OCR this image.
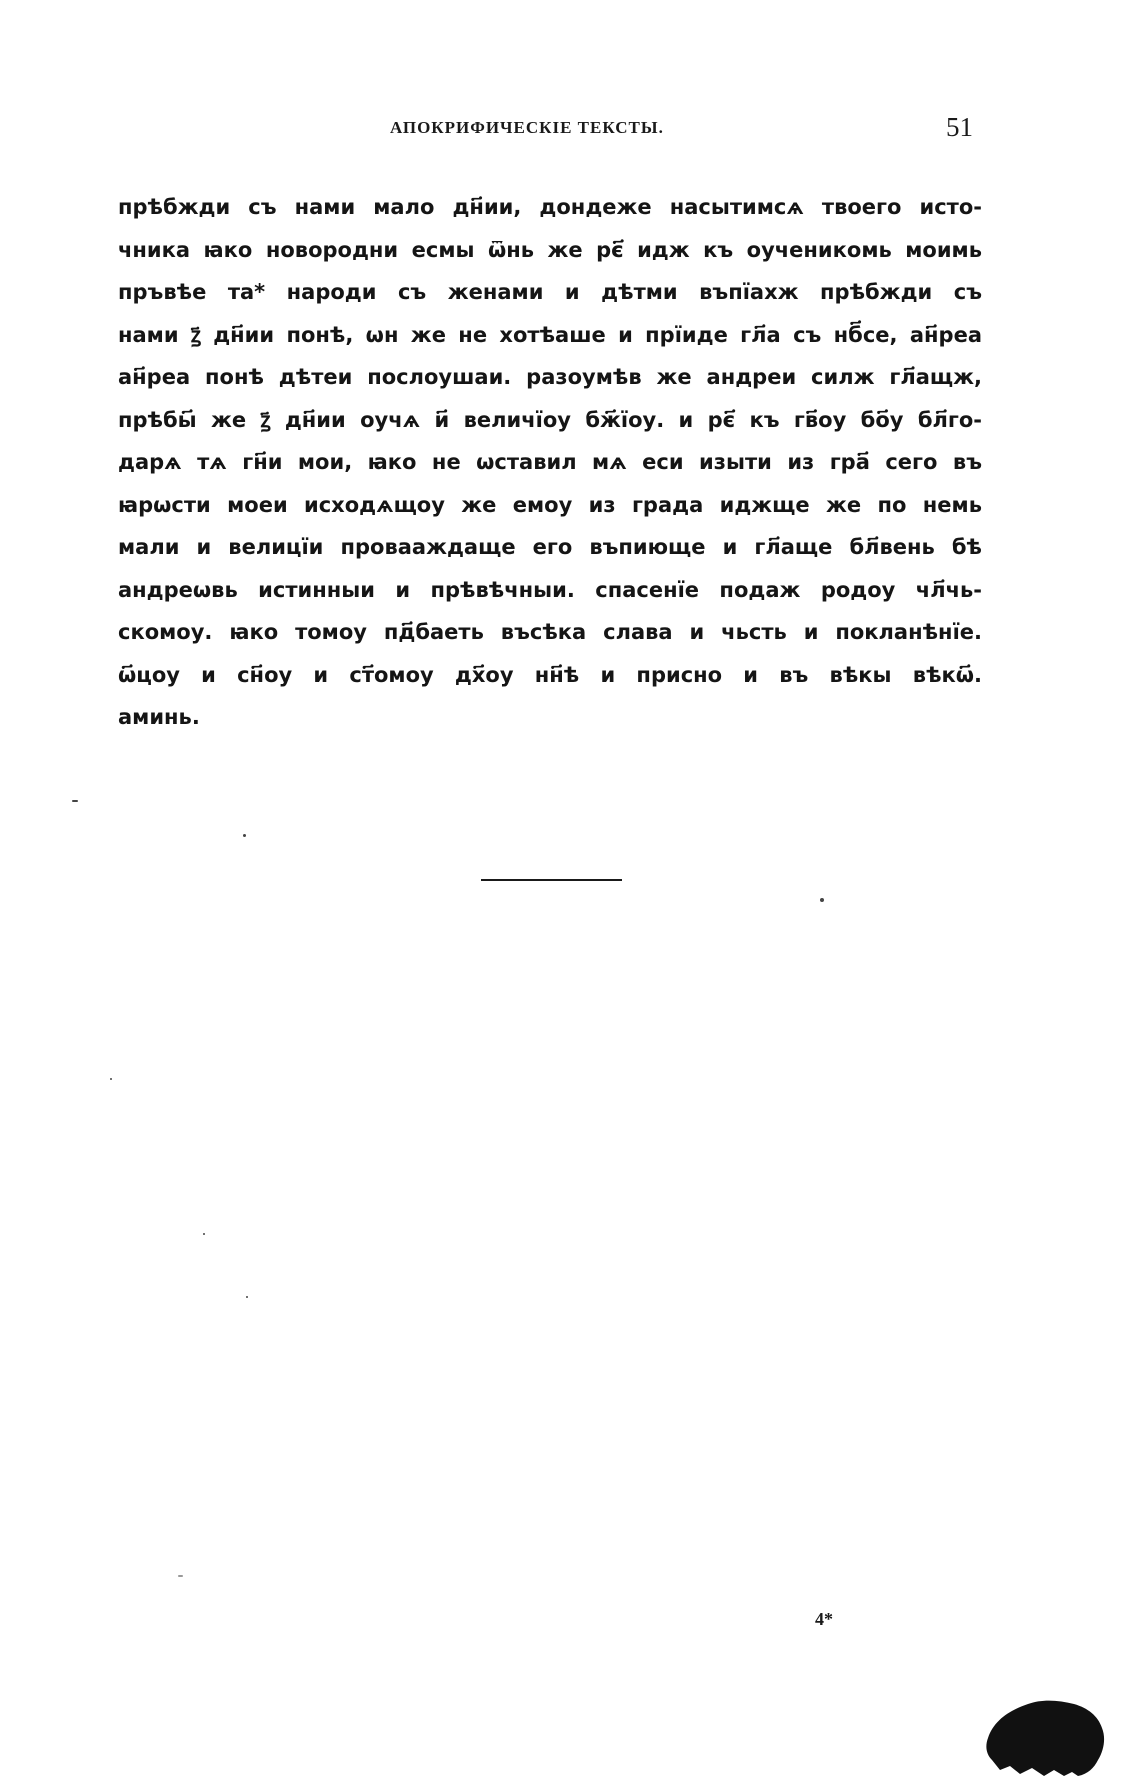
АПОКРИФИЧЕСКІЕ ТЕКСТЫ.	51
прѣбжди съ нами мало дн҃ии, дондеже насытимсѧ твоего исто-
чника ꙗко новородни есмы ѿнь же рє҃ идж къ оученикомь моимь
пръвѣе та* народи съ женами и дѣтми въпїахж прѣбжди съ
нами ꙁ҃ дн҃ии понѣ, ѡн же не хотѣаше и прїиде гл҃а съ нб҃се, ан҃реа
ан҃реа понѣ дѣтеи послоушаи. разоумѣв же андреи силж гл҃ащж,
прѣбы҃ же ꙁ҃ дн҃ии оучѧ и҃ величїоу бж҃їоу. и рє҃ къ гв҃оу бо҃у бл҃го-
дарѧ тѧ гн҃и мои, ꙗко не ѡставил мѧ еси изыти из гра҃ сего въ
ꙗрѡсти моеи исходѧщоу же емоу из града иджще же по немь
мали и велицїи провааждаще его въпиюще и гл҃аще бл҃вень бѣ
андреѡвь истинныи и прѣвѣчныи. спасенїе подаж родоу чл҃чь-
скомоу. ꙗко томоу пд҃баеть въсѣка слава и чьсть и покланѣнїе.
ѡ҃цоу и сн҃оу и ст҃омоу дх҃оу нн҃ѣ и присно и въ вѣкы вѣкѡ҃.
аминь.
4*
